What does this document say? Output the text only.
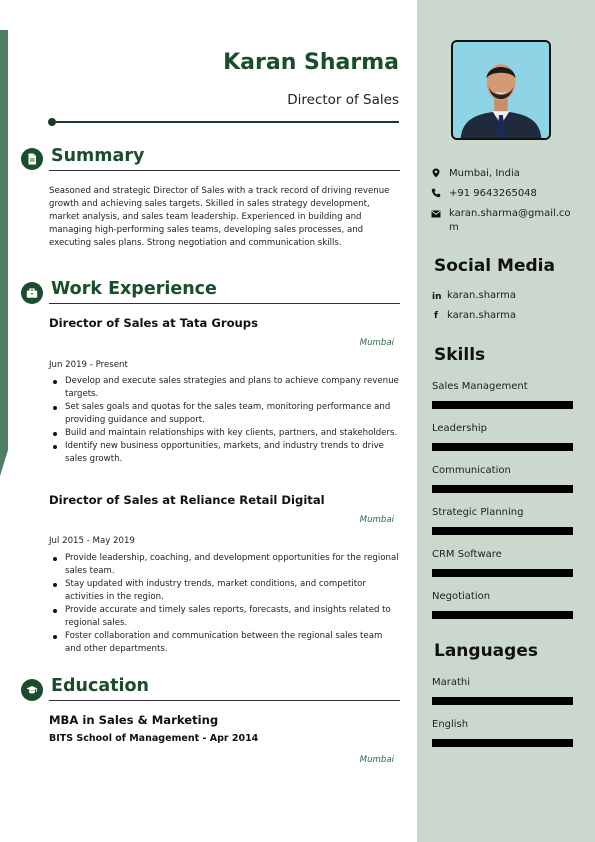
Karan Sharma
Director of Sales
Summary
Seasoned and strategic Director of Sales with a track record of driving revenue growth and achieving sales targets. Skilled in sales strategy development, market analysis, and sales team leadership. Experienced in building and managing high-performing sales teams, developing sales processes, and executing sales plans. Strong negotiation and communication skills.
Work Experience
Director of Sales at Tata Groups
Mumbai
Jun 2019 - Present
Develop and execute sales strategies and plans to achieve company revenue targets.
Set sales goals and quotas for the sales team, monitoring performance and providing guidance and support.
Build and maintain relationships with key clients, partners, and stakeholders.
Identify new business opportunities, markets, and industry trends to drive sales growth.
Director of Sales at Reliance Retail Digital
Mumbai
Jul 2015 - May 2019
Provide leadership, coaching, and development opportunities for the regional sales team.
Stay updated with industry trends, market conditions, and competitor activities in the region.
Provide accurate and timely sales reports, forecasts, and insights related to regional sales.
Foster collaboration and communication between the regional sales team and other departments.
Education
MBA in Sales & Marketing
BITS School of Management - Apr 2014
Mumbai
Mumbai, India
+91 9643265048
karan.sharma@gmail.com
Social Media
in karan.sharma
f karan.sharma
Skills
Sales Management
Leadership
Communication
Strategic Planning
CRM Software
Negotiation
Languages
Marathi
English
